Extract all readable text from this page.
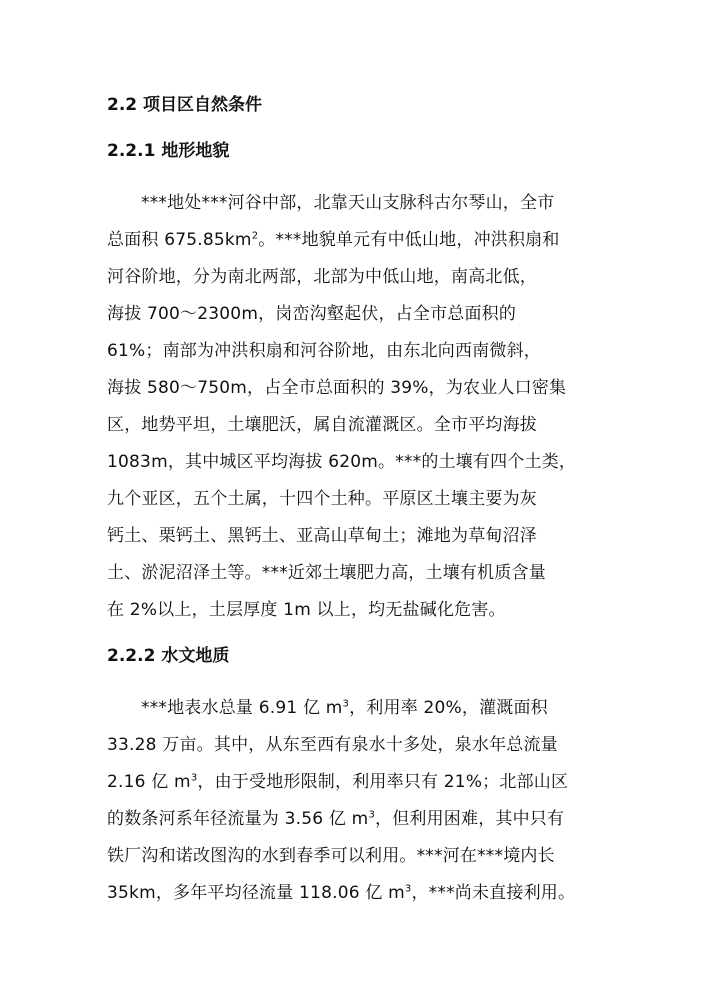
2.2 项目区自然条件
2.2.1 地形地貌
***地处***河谷中部，北靠天山支脉科古尔琴山，全市
总面积 $675.85km^2$。***地貌单元有中低山地，冲洪积扇和
河谷阶地，分为南北两部，北部为中低山地，南高北低，
海拔 700～2300m，岗峦沟壑起伏，占全市总面积的
61%；南部为冲洪积扇和河谷阶地，由东北向西南微斜，
海拔 580～750m，占全市总面积的 39%，为农业人口密集
区，地势平坦，土壤肥沃，属自流灌溉区。全市平均海拔
1083m，其中城区平均海拔 620m。***的土壤有四个土类，
九个亚区，五个土属，十四个土种。平原区土壤主要为灰
钙土、栗钙土、黑钙土、亚高山草甸土；滩地为草甸沼泽
土、淤泥沼泽土等。***近郊土壤肥力高，土壤有机质含量
在 2%以上，土层厚度 1m 以上，均无盐碱化危害。
2.2.2 水文地质
***地表水总量 6.91 亿 $m^3$，利用率 20%，灌溉面积
33.28 万亩。其中，从东至西有泉水十多处，泉水年总流量
2.16 亿 $m^3$，由于受地形限制，利用率只有 21%；北部山区
的数条河系年径流量为 3.56 亿 $m^3$，但利用困难，其中只有
铁厂沟和诺改图沟的水到春季可以利用。***河在***境内长
35km，多年平均径流量 118.06 亿 $m^3$，***尚未直接利用。
